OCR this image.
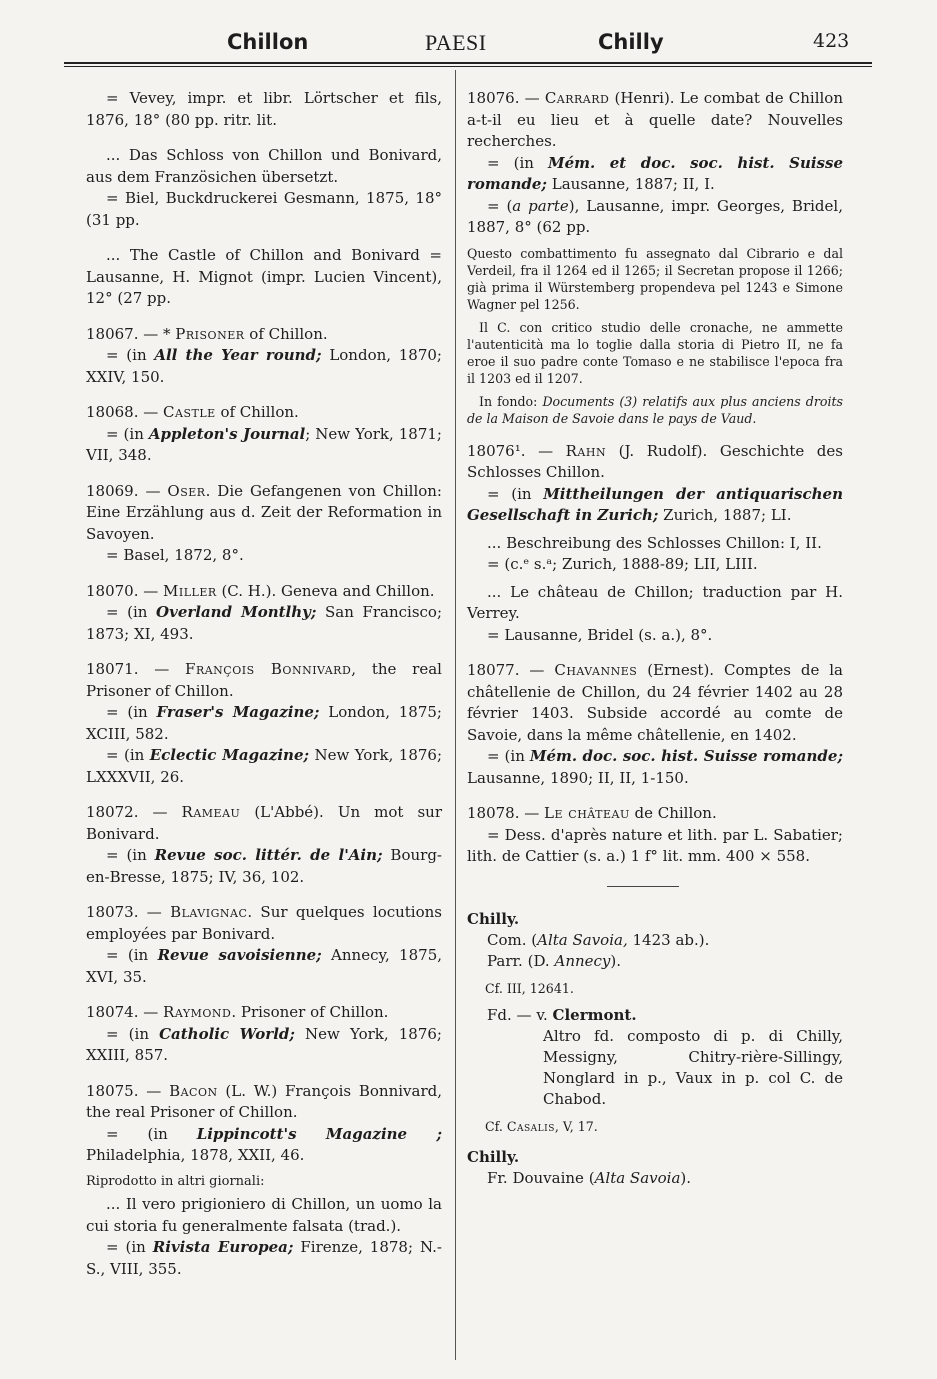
Chillon	PAESI	Chilly	423

= Vevey, impr. et libr. Lörtscher et fils, 1876, 18° (80 pp. ritr. lit.

... Das Schloss von Chillon und Bonivard, aus dem Französichen übersetzt.

= Biel, Buckdruckerei Gesmann, 1875, 18° (31 pp.

... The Castle of Chillon and Bonivard = Lausanne, H. Mignot (impr. Lucien Vincent), 12° (27 pp.

18067. — * Prisoner of Chillon.

= (in All the Year round; London, 1870; XXIV, 150.

18068. — Castle of Chillon.

= (in Appleton's Journal; New York, 1871; VII, 348.

18069. — Oser. Die Gefangenen von Chillon: Eine Erzählung aus d. Zeit der Reformation in Savoyen.

= Basel, 1872, 8°.

18070. — Miller (C. H.). Geneva and Chillon.

= (in Overland Montlhy; San Francisco; 1873; XI, 493.

18071. — François Bonnivard, the real Prisoner of Chillon.

= (in Fraser's Magazine; London, 1875; XCIII, 582.

= (in Eclectic Magazine; New York, 1876; LXXXVII, 26.

18072. — Rameau (L'Abbé). Un mot sur Bonivard.

= (in Revue soc. littér. de l'Ain; Bourg-en-Bresse, 1875; IV, 36, 102.

18073. — Blavignac. Sur quelques locutions employées par Bonivard.

= (in Revue savoisienne; Annecy, 1875, XVI, 35.

18074. — Raymond. Prisoner of Chillon.

= (in Catholic World; New York, 1876; XXIII, 857.

18075. — Bacon (L. W.) François Bonnivard, the real Prisoner of Chillon.

= (in Lippincott's Magazine ; Philadelphia, 1878, XXII, 46.

Riprodotto in altri giornali:

... Il vero prigioniero di Chillon, un uomo la cui storia fu generalmente falsata (trad.).

= (in Rivista Europea; Firenze, 1878; N.-S., VIII, 355.

18076. — Carrard (Henri). Le combat de Chillon a-t-il eu lieu et à quelle date? Nouvelles recherches.

= (in Mém. et doc. soc. hist. Suisse romande; Lausanne, 1887; II, I.

= (a parte), Lausanne, impr. Georges, Bridel, 1887, 8° (62 pp.

Questo combattimento fu assegnato dal Cibrario e dal Verdeil, fra il 1264 ed il 1265; il Secretan propose il 1266; già prima il Würstemberg propendeva pel 1243 e Simone Wagner pel 1256.

Il C. con critico studio delle cronache, ne ammette l'autenticità ma lo toglie dalla storia di Pietro II, ne fa eroe il suo padre conte Tomaso e ne stabilisce l'epoca fra il 1203 ed il 1207.

In fondo: Documents (3) relatifs aux plus anciens droits de la Maison de Savoie dans le pays de Vaud.

18076¹. — Rahn (J. Rudolf). Geschichte des Schlosses Chillon.

= (in Mittheilungen der antiquarischen Gesellschaft in Zurich; Zurich, 1887; LI.

... Beschreibung des Schlosses Chillon: I, II.

= (c.ᵉ s.ᵃ; Zurich, 1888-89; LII, LIII.

... Le château de Chillon; traduction par H. Verrey.

= Lausanne, Bridel (s. a.), 8°.

18077. — Chavannes (Ernest). Comptes de la châtellenie de Chillon, du 24 février 1402 au 28 février 1403. Subside accordé au comte de Savoie, dans la même châtellenie, en 1402.

= (in Mém. doc. soc. hist. Suisse romande; Lausanne, 1890; II, II, 1-150.

18078. — Le château de Chillon.

= Dess. d'après nature et lith. par L. Sabatier; lith. de Cattier (s. a.) 1 f° lit. mm. 400 × 558.

Chilly.

Com. (Alta Savoia, 1423 ab.).

Parr. (D. Annecy).

Cf. III, 12641.

Fd. — v. Clermont.

Altro fd. composto di p. di Chilly, Messigny, Chitry-rière-Sillingy, Nonglard in p., Vaux in p. col C. de Chabod.

Cf. Casalis, V, 17.

Chilly.

Fr. Douvaine (Alta Savoia).
